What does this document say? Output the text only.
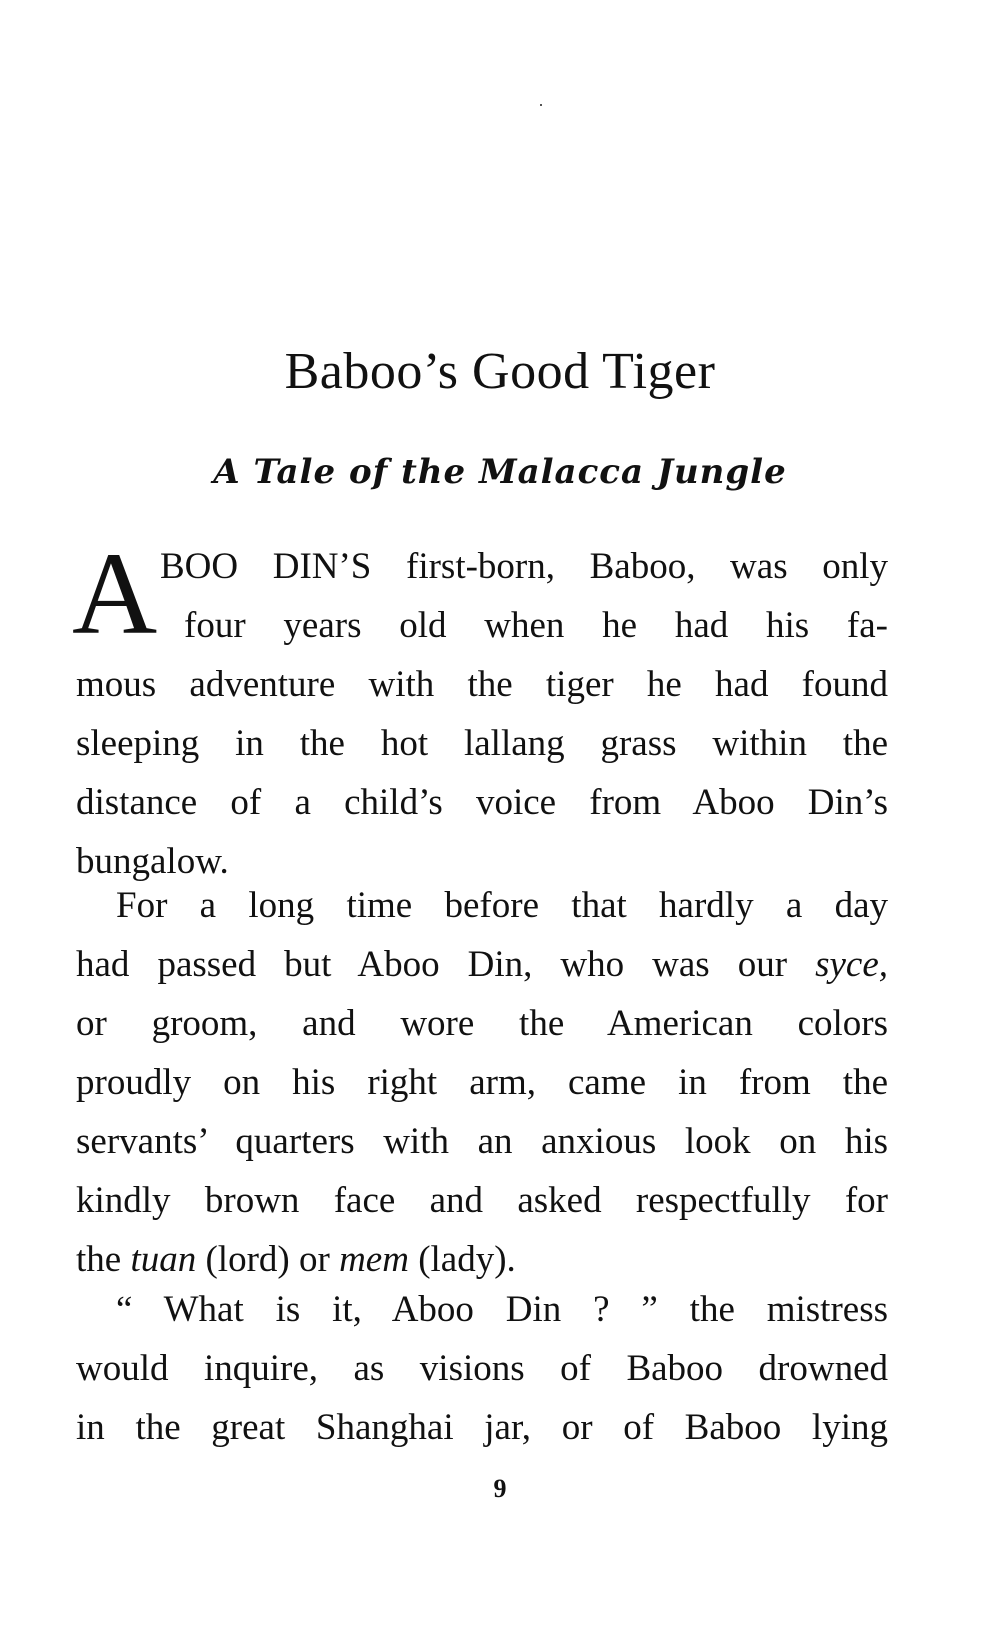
Baboo’s Good Tiger
A Tale of the Malacca Jungle
A BOO DIN’S first-born, Baboo, was only
four years old when he had his fa-
mous adventure with the tiger he had found
sleeping in the hot lallang grass within the
distance of a child’s voice from Aboo Din’s
bungalow.
For a long time before that hardly a day
had passed but Aboo Din, who was our syce,
or groom, and wore the American colors
proudly on his right arm, came in from the
servants’ quarters with an anxious look on his
kindly brown face and asked respectfully for
the tuan (lord) or mem (lady).
“ What is it, Aboo Din ? ” the mistress
would inquire, as visions of Baboo drowned
in the great Shanghai jar, or of Baboo lying
9
